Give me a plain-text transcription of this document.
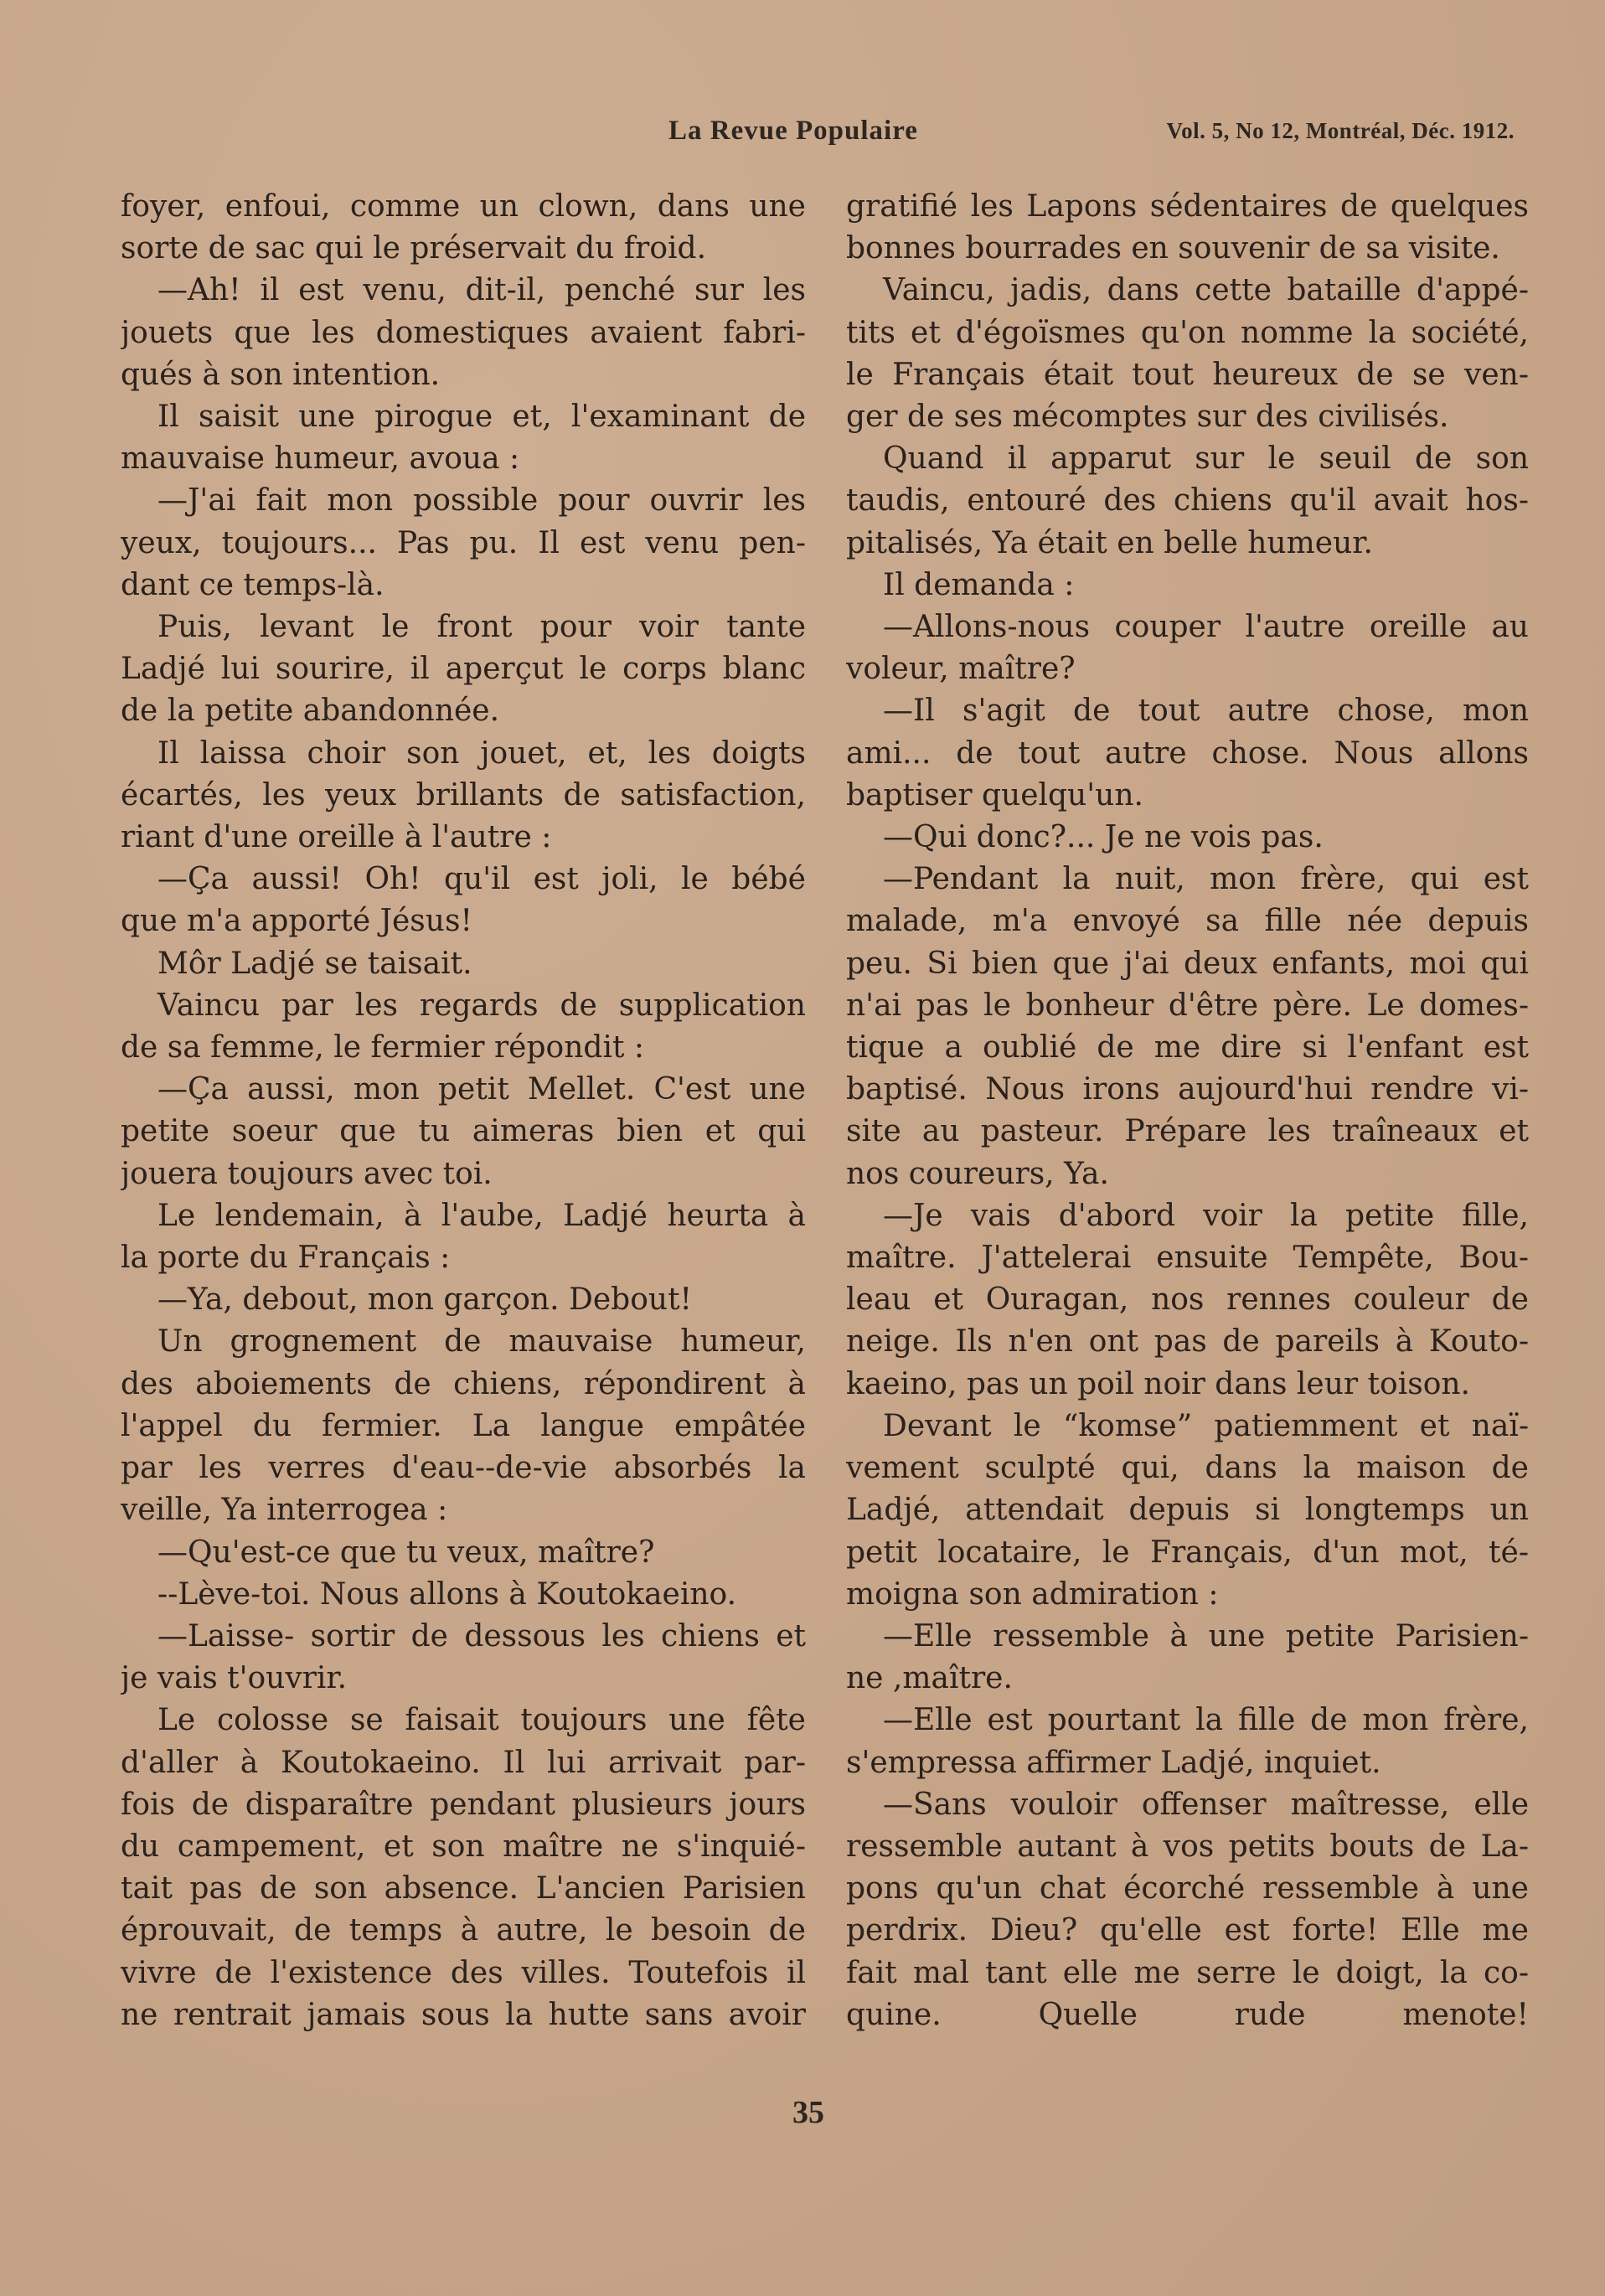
La Revue Populaire	Vol. 5, No 12, Montréal, Déc. 1912.

foyer, enfoui, comme un clown, dans une

sorte de sac qui le préservait du froid.

—Ah! il est venu, dit-il, penché sur les

jouets que les domestiques avaient fabri-

qués à son intention.

Il saisit une pirogue et, l'examinant de

mauvaise humeur, avoua :

—J'ai fait mon possible pour ouvrir les

yeux, toujours... Pas pu. Il est venu pen-

dant ce temps-là.

Puis, levant le front pour voir tante

Ladjé lui sourire, il aperçut le corps blanc

de la petite abandonnée.

Il laissa choir son jouet, et, les doigts

écartés, les yeux brillants de satisfaction,

riant d'une oreille à l'autre :

—Ça aussi! Oh! qu'il est joli, le bébé

que m'a apporté Jésus!

Môr Ladjé se taisait.

Vaincu par les regards de supplication

de sa femme, le fermier répondit :

—Ça aussi, mon petit Mellet. C'est une

petite soeur que tu aimeras bien et qui

jouera toujours avec toi.

Le lendemain, à l'aube, Ladjé heurta à

la porte du Français :

—Ya, debout, mon garçon. Debout!

Un grognement de mauvaise humeur,

des aboiements de chiens, répondirent à

l'appel du fermier. La langue empâtée

par les verres d'eau--de-vie absorbés la

veille, Ya interrogea :

—Qu'est-ce que tu veux, maître?

--Lève-toi. Nous allons à Koutokaeino.

—Laisse- sortir de dessous les chiens et

je vais t'ouvrir.

Le colosse se faisait toujours une fête

d'aller à Koutokaeino. Il lui arrivait par-

fois de disparaître pendant plusieurs jours

du campement, et son maître ne s'inquié-

tait pas de son absence. L'ancien Parisien

éprouvait, de temps à autre, le besoin de

vivre de l'existence des villes. Toutefois il

ne rentrait jamais sous la hutte sans avoir

gratifié les Lapons sédentaires de quelques

bonnes bourrades en souvenir de sa visite.

Vaincu, jadis, dans cette bataille d'appé-

tits et d'égoïsmes qu'on nomme la société,

le Français était tout heureux de se ven-

ger de ses mécomptes sur des civilisés.

Quand il apparut sur le seuil de son

taudis, entouré des chiens qu'il avait hos-

pitalisés, Ya était en belle humeur.

Il demanda :

—Allons-nous couper l'autre oreille au

voleur, maître?

—Il s'agit de tout autre chose, mon

ami... de tout autre chose. Nous allons

baptiser quelqu'un.

—Qui donc?... Je ne vois pas.

—Pendant la nuit, mon frère, qui est

malade, m'a envoyé sa fille née depuis

peu. Si bien que j'ai deux enfants, moi qui

n'ai pas le bonheur d'être père. Le domes-

tique a oublié de me dire si l'enfant est

baptisé. Nous irons aujourd'hui rendre vi-

site au pasteur. Prépare les traîneaux et

nos coureurs, Ya.

—Je vais d'abord voir la petite fille,

maître. J'attelerai ensuite Tempête, Bou-

leau et Ouragan, nos rennes couleur de

neige. Ils n'en ont pas de pareils à Kouto-

kaeino, pas un poil noir dans leur toison.

Devant le “komse” patiemment et naï-

vement sculpté qui, dans la maison de

Ladjé, attendait depuis si longtemps un

petit locataire, le Français, d'un mot, té-

moigna son admiration :

—Elle ressemble à une petite Parisien-

ne ,maître.

—Elle est pourtant la fille de mon frère,

s'empressa affirmer Ladjé, inquiet.

—Sans vouloir offenser maîtresse, elle

ressemble autant à vos petits bouts de La-

pons qu'un chat écorché ressemble à une

perdrix. Dieu? qu'elle est forte! Elle me

fait mal tant elle me serre le doigt, la co-

quine. Quelle rude menote!

35
